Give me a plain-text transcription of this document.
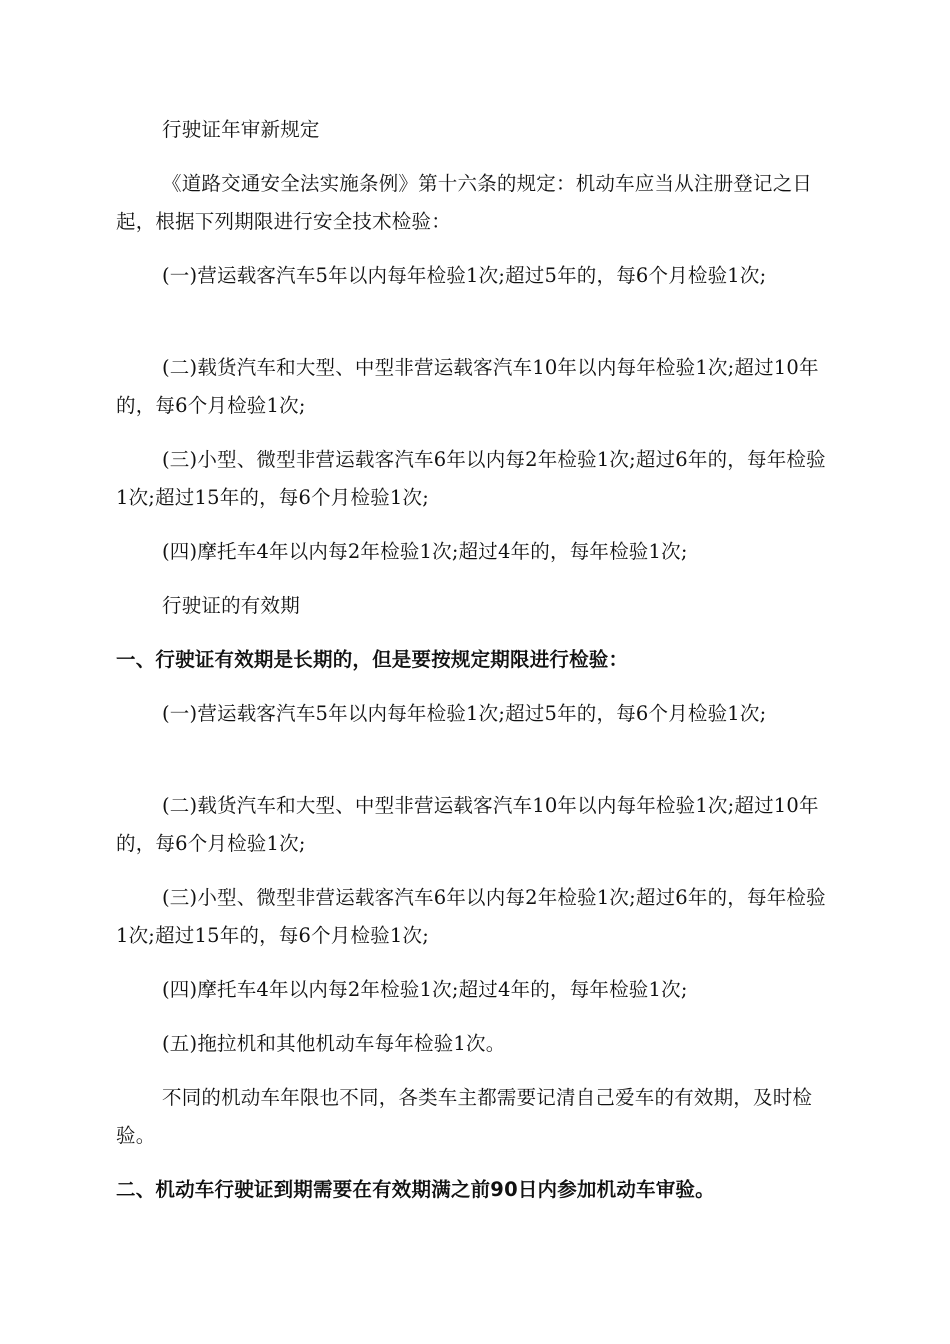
行驶证年审新规定

《道路交通安全法实施条例》第十六条的规定：机动车应当从注册登记之日起，根据下列期限进行安全技术检验：

(一)营运载客汽车5年以内每年检验1次;超过5年的，每6个月检验1次;

(二)载货汽车和大型、中型非营运载客汽车10年以内每年检验1次;超过10年的，每6个月检验1次;

(三)小型、微型非营运载客汽车6年以内每2年检验1次;超过6年的，每年检验1次;超过15年的，每6个月检验1次;

(四)摩托车4年以内每2年检验1次;超过4年的，每年检验1次;

行驶证的有效期

一、行驶证有效期是长期的，但是要按规定期限进行检验：

(一)营运载客汽车5年以内每年检验1次;超过5年的，每6个月检验1次;

(二)载货汽车和大型、中型非营运载客汽车10年以内每年检验1次;超过10年的，每6个月检验1次;

(三)小型、微型非营运载客汽车6年以内每2年检验1次;超过6年的，每年检验1次;超过15年的，每6个月检验1次;

(四)摩托车4年以内每2年检验1次;超过4年的，每年检验1次;

(五)拖拉机和其他机动车每年检验1次。

不同的机动车年限也不同，各类车主都需要记清自己爱车的有效期，及时检验。

二、机动车行驶证到期需要在有效期满之前90日内参加机动车审验。
